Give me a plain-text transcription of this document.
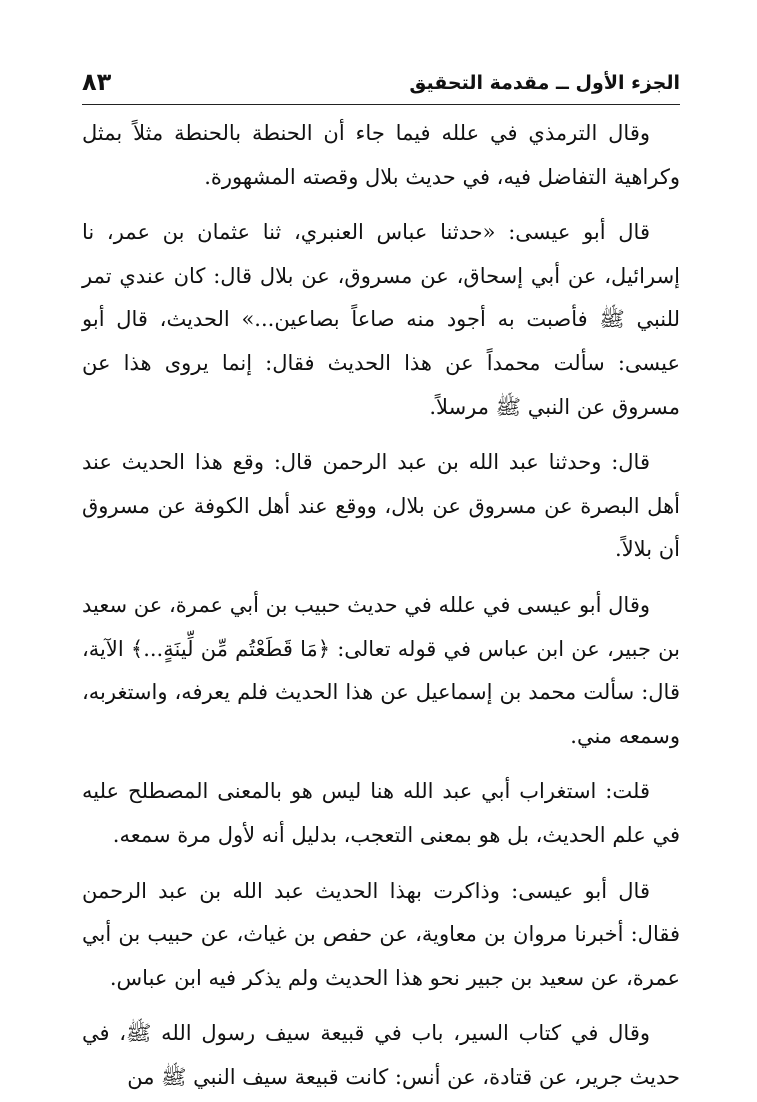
الجزء الأول ــ مقدمة التحقيق
٨٣

وقال الترمذي في علله فيما جاء أن الحنطة بالحنطة مثلاً بمثل وكراهية التفاضل فيه، في حديث بلال وقصته المشهورة.

قال أبو عيسى: «حدثنا عباس العنبري، ثنا عثمان بن عمر، نا إسرائيل، عن أبي إسحاق، عن مسروق، عن بلال قال: كان عندي تمر للنبي ﷺ فأصبت به أجود منه صاعاً بصاعين...» الحديث، قال أبو عيسى: سألت محمداً عن هذا الحديث فقال: إنما يروى هذا عن مسروق عن النبي ﷺ مرسلاً.

قال: وحدثنا عبد الله بن عبد الرحمن قال: وقع هذا الحديث عند أهل البصرة عن مسروق عن بلال، ووقع عند أهل الكوفة عن مسروق أن بلالاً.

وقال أبو عيسى في علله في حديث حبيب بن أبي عمرة، عن سعيد بن جبير، عن ابن عباس في قوله تعالى: ﴿مَا قَطَعْتُم مِّن لِّينَةٍ...﴾ الآية، قال: سألت محمد بن إسماعيل عن هذا الحديث فلم يعرفه، واستغربه، وسمعه مني.

قلت: استغراب أبي عبد الله هنا ليس هو بالمعنى المصطلح عليه في علم الحديث، بل هو بمعنى التعجب، بدليل أنه لأول مرة سمعه.

قال أبو عيسى: وذاكرت بهذا الحديث عبد الله بن عبد الرحمن فقال: أخبرنا مروان بن معاوية، عن حفص بن غياث، عن حبيب بن أبي عمرة، عن سعيد بن جبير نحو هذا الحديث ولم يذكر فيه ابن عباس.

وقال في كتاب السير، باب في قبيعة سيف رسول الله ﷺ، في حديث جرير، عن قتادة، عن أنس: كانت قبيعة سيف النبي ﷺ من
